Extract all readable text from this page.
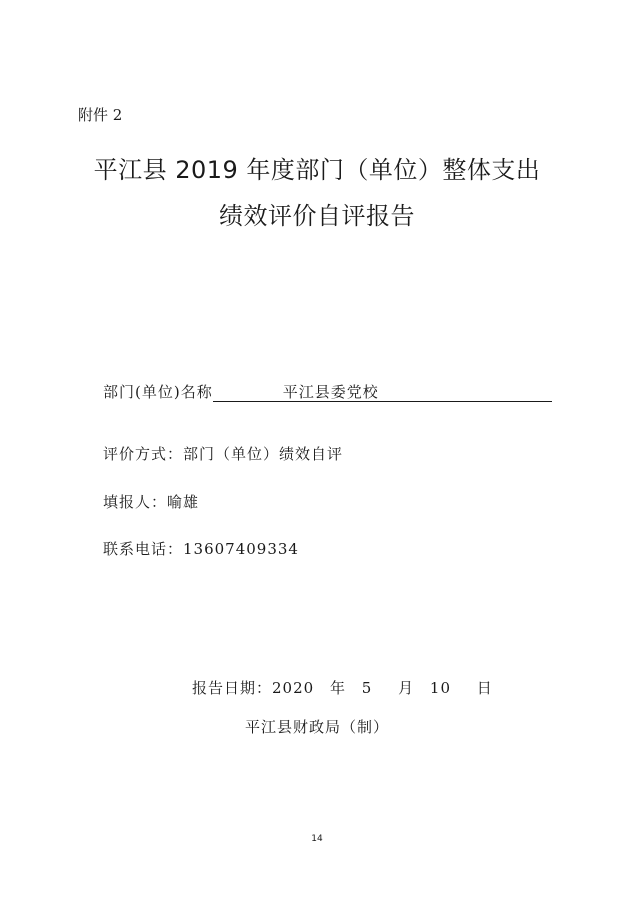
附件 2
平江县 2019 年度部门（单位）整体支出
绩效评价自评报告
部门(单位)名称	平江县委党校
评价方式：部门（单位）绩效自评
填报人：喻雄
联系电话：13607409334
报告日期：2020 年 5 月 10 日
平江县财政局（制）
14
